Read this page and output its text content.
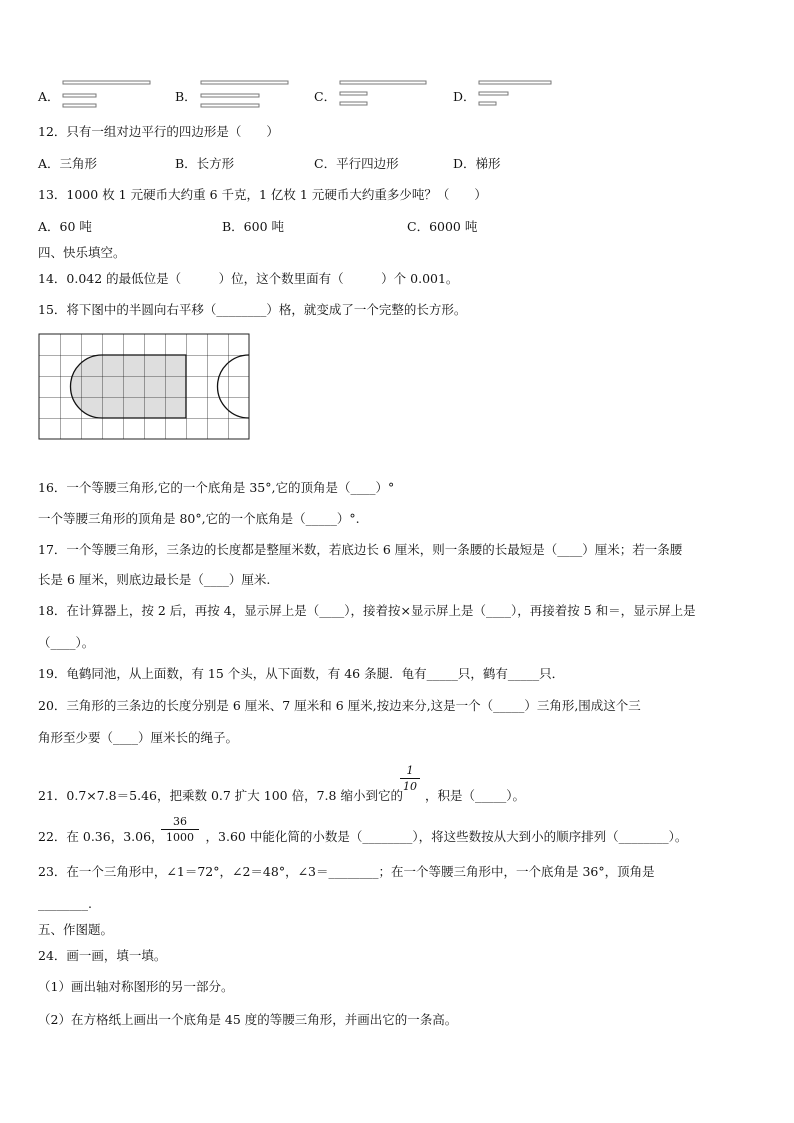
A．	B．	C．	D．
12．只有一组对边平行的四边形是（　　）
A．三角形	B．长方形	C．平行四边形	D．梯形
13．1000 枚 1 元硬币大约重 6 千克，1 亿枚 1 元硬币大约重多少吨？（　　）
A．60 吨	B．600 吨	C．6000 吨
四、快乐填空。
14．0.042 的最低位是（　　　）位，这个数里面有（　　　）个 0.001。
15．将下图中的半圆向右平移（________）格，就变成了一个完整的长方形。
16．一个等腰三角形,它的一个底角是 35°,它的顶角是（____）°
一个等腰三角形的顶角是 80°,它的一个底角是（_____）°.
17．一个等腰三角形，三条边的长度都是整厘米数，若底边长 6 厘米，则一条腰的长最短是（____）厘米；若一条腰
长是 6 厘米，则底边最长是（____）厘米.
18．在计算器上，按 2 后，再按 4，显示屏上是（____），接着按×显示屏上是（____），再接着按 5 和＝，显示屏上是
（____）。
19．龟鹤同池，从上面数，有 15 个头，从下面数，有 46 条腿．龟有_____只，鹤有_____只．
20．三角形的三条边的长度分别是 6 厘米、7 厘米和 6 厘米,按边来分,这是一个（_____）三角形,围成这个三
角形至少要（____）厘米长的绳子。
21．0.7×7.8＝5.46，把乘数 0.7 扩大 100 倍，7.8 缩小到它的 ，积是（_____）。
1
10
22．在 0.36，3.06，	，3.60 中能化简的小数是（________），将这些数按从大到小的顺序排列（________）。
36
1000
23．在一个三角形中，∠1＝72°，∠2＝48°，∠3＝________；在一个等腰三角形中，一个底角是 36°，顶角是
________.
五、作图题。
24．画一画，填一填。
（1）画出轴对称图形的另一部分。
（2）在方格纸上画出一个底角是 45 度的等腰三角形，并画出它的一条高。
